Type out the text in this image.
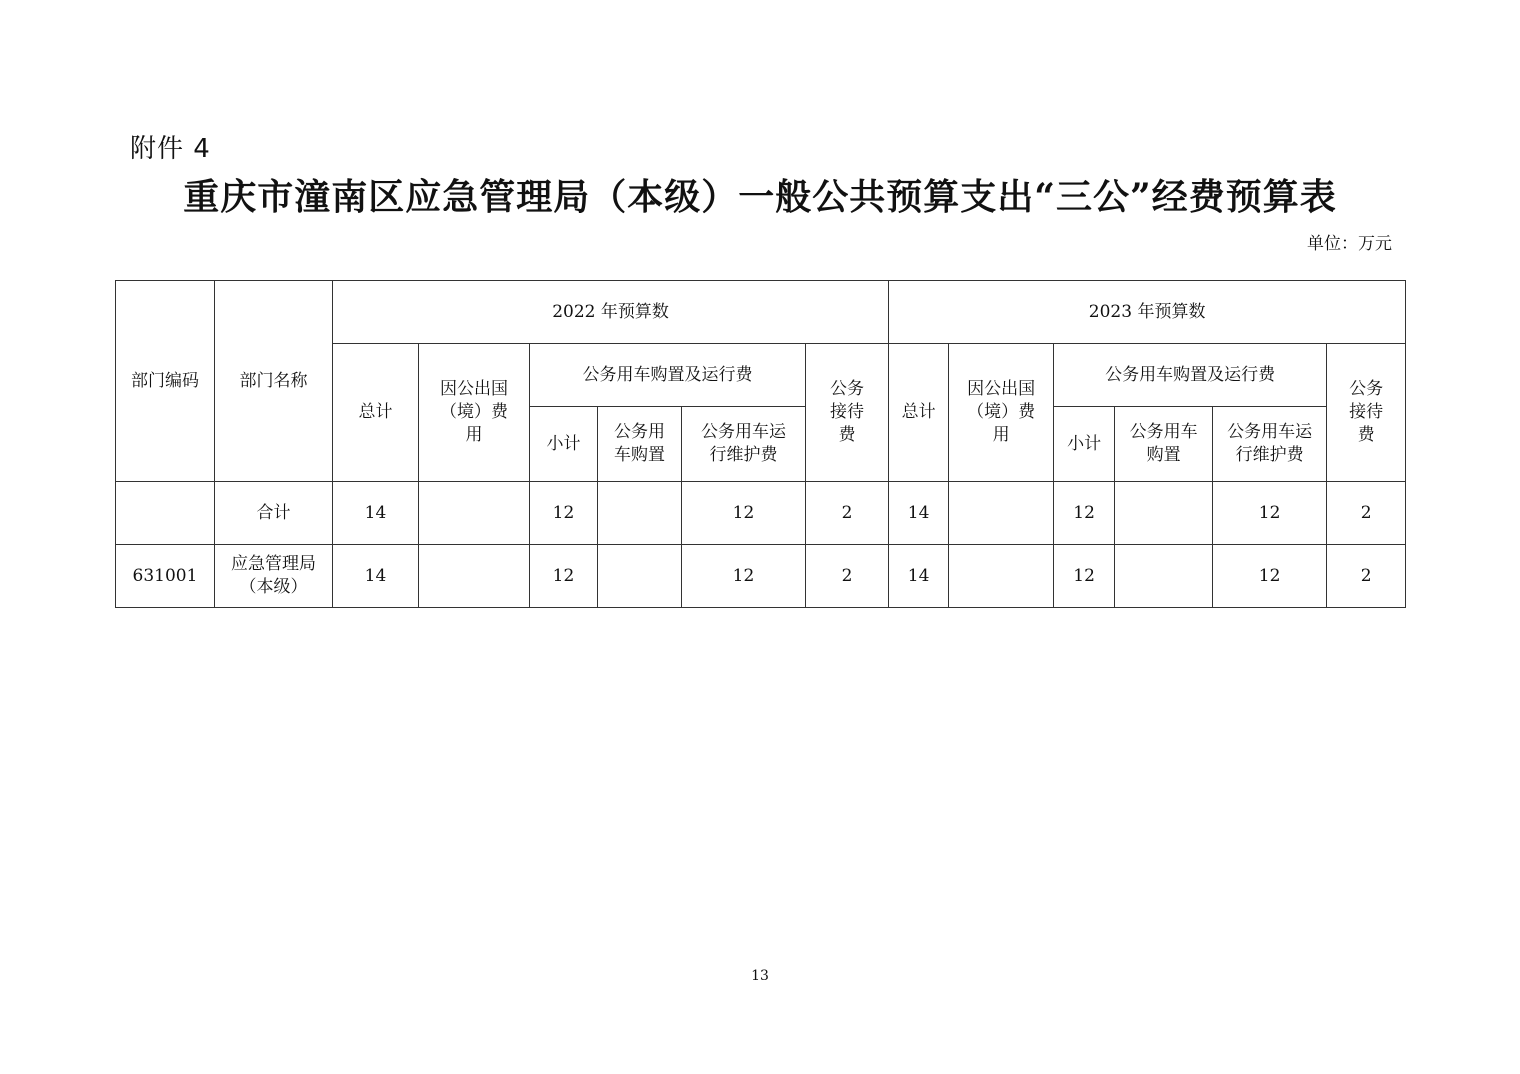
附件 4
重庆市潼南区应急管理局（本级）一般公共预算支出“三公”经费预算表
单位：万元
部门编码	部门名称	2022 年预算数						2023 年预算数					
		总计	因公出国（境）费用	公务用车购置及运行费			公务接待费	总计	因公出国（境）费用	公务用车购置及运行费			公务接待费
				小计	公务用车购置	公务用车运行维护费				小计	公务用车购置	公务用车运行维护费	
	合计	14		12		12	2	14		12		12	2
631001	应急管理局（本级）	14		12		12	2	14		12		12	2
13
